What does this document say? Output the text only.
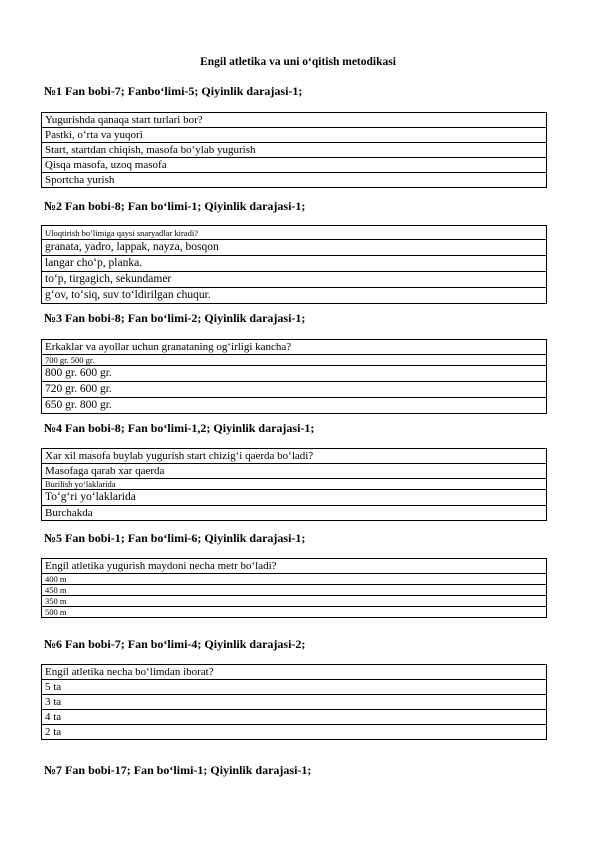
Engil atletika va uni o‘qitish metodikasi
№1 Fan bobi-7; Fanbo‘limi-5; Qiyinlik darajasi-1;
Yugurishda qanaqa start turlari bor?
Pastki, o‘rta va yuqori
Start, startdan chiqish, masofa bo‘ylab yugurish
Qisqa masofa, uzoq masofa
Sportcha yurish
№2 Fan bobi-8; Fan bo‘limi-1; Qiyinlik darajasi-1;
Uloqtirish bo‘limiga qaysi snaryadlar kiradi?
granata, yadro, lappak, nayza, bosqon
langar cho‘p, planka.
to‘p, tirgagich, sekundamer
g‘ov, to‘siq, suv to‘ldirilgan chuqur.
№3 Fan bobi-8; Fan bo‘limi-2; Qiyinlik darajasi-1;
Erkaklar va ayollar uchun granataning og‘irligi kancha?
700 gr. 500 gr.
800 gr. 600 gr.
720 gr. 600 gr.
650 gr. 800 gr.
№4 Fan bobi-8; Fan bo‘limi-1,2; Qiyinlik darajasi-1;
Xar xil masofa buylab yugurish start chizig‘i qaerda bo‘ladi?
Masofaga qarab xar qaerda
Burilish yo‘laklarida
To‘g‘ri yo‘laklarida
Burchakda
№5 Fan bobi-1; Fan bo‘limi-6; Qiyinlik darajasi-1;
Engil atletika yugurish maydoni necha metr bo‘ladi?
400 m
450 m
350 m
500 m
№6 Fan bobi-7; Fan bo‘limi-4; Qiyinlik darajasi-2;
Engil atletika necha bo‘limdan iborat?
5 ta
3 ta
4 ta
2 ta
№7 Fan bobi-17; Fan bo‘limi-1; Qiyinlik darajasi-1;
